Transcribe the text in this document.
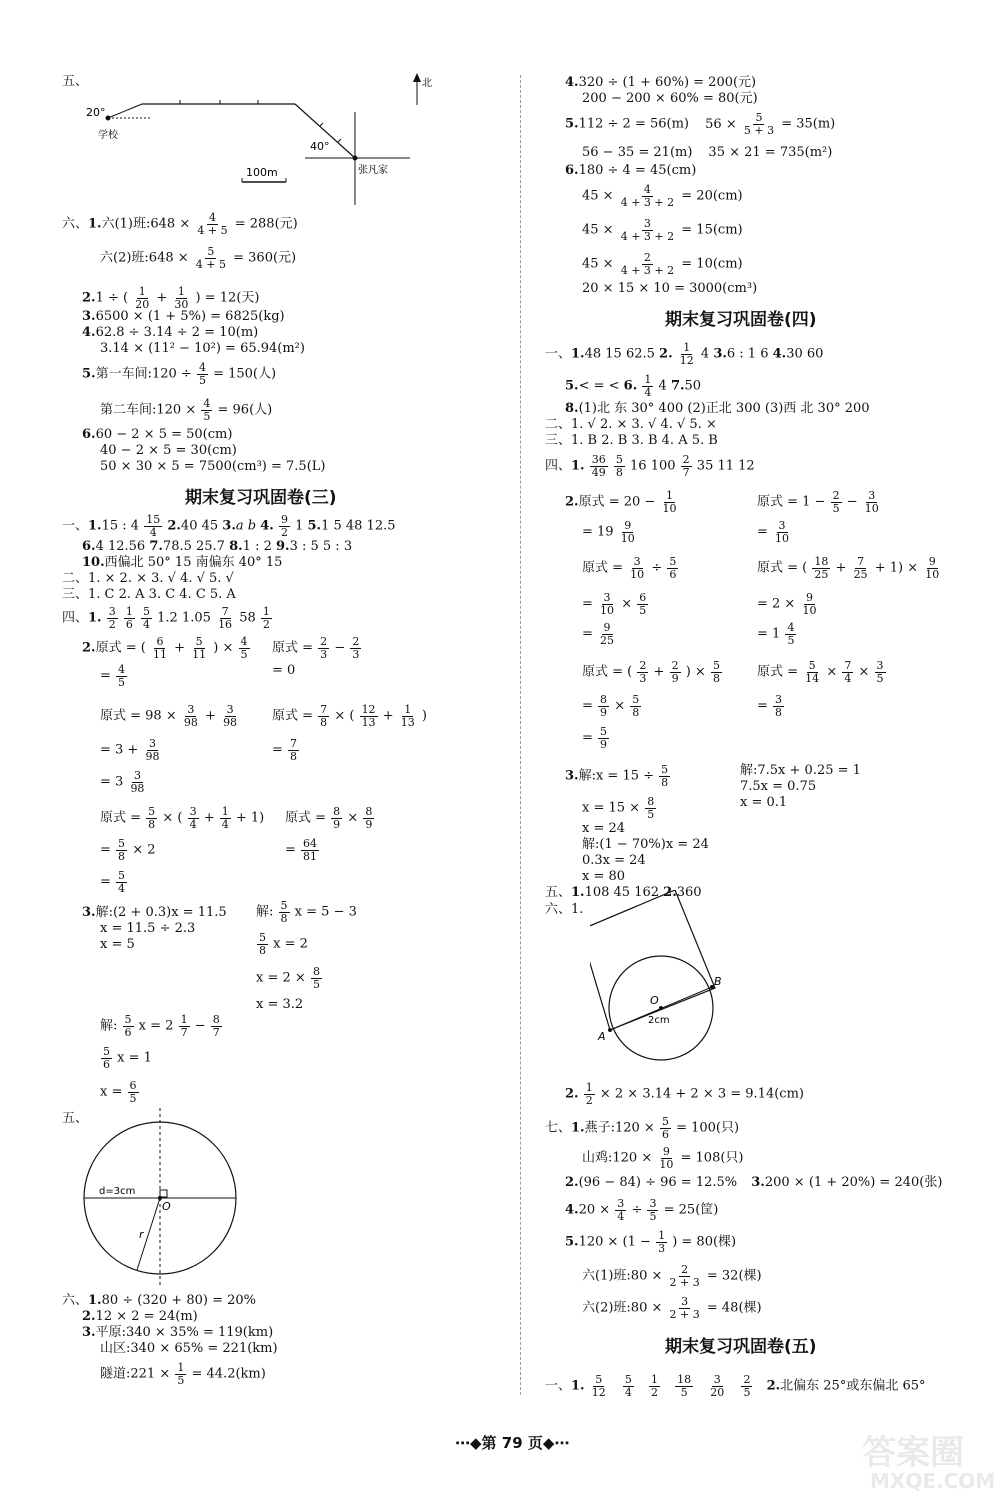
五、
20°
学校
40°
张凡家
北
100m
六、1.六(1)班:648 × $\frac{4}{4 + 5} = 288$(元)
六(2)班:648 × $\frac{5}{4 + 5} = 360$(元)
2.1 ÷ ( $\frac{1}{20} + \frac{1}{30}$ ) = 12(天)
3.6500 × (1 + 5%) = 6825(kg)
4.62.8 ÷ 3.14 ÷ 2 = 10(m)
3.14 × (11² − 10²) = 65.94(m²)
5.第一车间:120 ÷ $\frac{4}{5} = 150$(人)
第二车间:120 × $\frac{4}{5} = 96$(人)
6.60 − 2 × 5 = 50(cm)
40 − 2 × 5 = 30(cm)
50 × 30 × 5 = 7500(cm³) = 7.5(L)
期末复习巩固卷(三)
一、1.15 : $4 \frac{15}{4} 2.40$ 45 3.a b 4. $\frac{9}{2} 1$ 5.1 5 48 12.5
6.4 12.56 7.78.5 25.7 8.1 : 2 9.3 : 5 5 : 3
10.西偏北 50° 15 南偏东 40° 15
二、1. × 2. × 3. √ 4. √ 5. √
三、1. C 2. A 3. C 4. C 5. A
四、1. $\frac{3}{2}$
$\frac{1}{6}$
$\frac{5}{4} 1.2$ $1.05 \frac{7}{16} 58 \frac{1}{2}$
2.原式 = ( $\frac{6}{11} + \frac{5}{11}$ ) × $\frac{4}{5}$
= $\frac{4}{5}$
原式 = $\frac{2}{3} - \frac{2}{3}$
= 0
原式 = $98 \times \frac{3}{98} + \frac{3}{98}$
= $3 + \frac{3}{98}$
= $3 \frac{3}{98}$
原式 = $\frac{7}{8}$ × ( $\frac{12}{13} + \frac{1}{13}$ )
= $\frac{7}{8}$
原式 = $\frac{5}{8}$ × ( $\frac{3}{4} + \frac{1}{4} + 1$)
= $\frac{5}{8} \times 2$
= $\frac{5}{4}$
原式 = $\frac{8}{9} \times \frac{8}{9}$
= $\frac{64}{81}$
3.解:(2 + 0.3)x = 11.5
x = 11.5 ÷ 2.3
x = 5
解: $\frac{5}{8}$ x = 5 − 3
$\frac{5}{8}$ x = 2
$x = 2 \times \frac{8}{5}$
x = 3.2
解: $\frac{5}{6}$ $x = 2 \frac{1}{7} - \frac{8}{7}$
$\frac{5}{6}$ x = 1
$x = \frac{6}{5}$
五、
d=3cm
O
r
六、1.80 ÷ (320 + 80) = 20%
2.12 × 2 = 24(m)
3.平原:340 × 35% = 119(km)
山区:340 × 65% = 221(km)
隧道:221 × $\frac{1}{5} = 44.2(km)$
4.320 ÷ (1 + 60%) = 200(元)
200 − 200 × 60% = 80(元)
5.112 ÷ 2 = 56(m) $56 \times \frac{5}{5 + 3} = 35(m)$
56 − 35 = 21(m) 35 × 21 = 735(m²)
6.180 ÷ 4 = 45(cm)
$45 \times \frac{4}{4 + 3 + 2} = 20(cm)$
$45 \times \frac{3}{4 + 3 + 2} = 15(cm)$
$45 \times \frac{2}{4 + 3 + 2} = 10(cm)$
20 × 15 × 10 = 3000(cm³)
期末复习巩固卷(四)
一、1.48 15 62.5 2. $\frac{1}{12} 4$ 3.6 : 1 6 4.30 60
5.< = < 6. $\frac{1}{4} 4$ 7.50
8.(1)北 东 30° 400 (2)正北 300 (3)西 北 30° 200
二、1. √ 2. × 3. √ 4. √ 5. ×
三、1. B 2. B 3. B 4. A 5. B
四、1. $\frac{36}{49}$
$\frac{5}{8} 16$ $100 \frac{2}{7} 35$ 11 12
2.原式 = $20 - \frac{1}{10}$
= $19 \frac{9}{10}$
原式 = $1 - \frac{2}{5} - \frac{3}{10}$
= $\frac{3}{10}$
原式 = $\frac{3}{10} \div \frac{5}{6}$
= $\frac{3}{10} \times \frac{6}{5}$
= $\frac{9}{25}$
原式 = ( $\frac{18}{25} + \frac{7}{25} + 1) \times \frac{9}{10}$
= $2 \times \frac{9}{10}$
= $1 \frac{4}{5}$
原式 = ( $\frac{2}{3} + \frac{2}{9}$ ) × $\frac{5}{8}$
= $\frac{8}{9} \times \frac{5}{8}$
= $\frac{5}{9}$
原式 = $\frac{5}{14} \times \frac{7}{4} \times \frac{3}{5}$
= $\frac{3}{8}$
3.解:x = $15 \div \frac{5}{8}$
$x = 15 \times \frac{8}{5}$
x = 24
解:7.5x + 0.25 = 1
7.5x = 0.75
x = 0.1
解:(1 − 70%)x = 24
0.3x = 24
x = 80
五、1.108 45 162 2.360
六、1.
O
A
B
2cm
2. $\frac{1}{2} \times 2 \times 3.14 + 2 \times 3 = 9.14(cm)$
七、1.燕子:120 × $\frac{5}{6} = 100$(只)
山鸡:120 × $\frac{9}{10} = 108$(只)
2.(96 − 84) ÷ 96 = 12.5% 3.200 × (1 + 20%) = 240(张)
$4.20 \times \frac{3}{4} \div \frac{3}{5} = 25$(筐)
$5.120 \times (1 - \frac{1}{3}$ ) = 80(棵)
六(1)班:80 × $\frac{2}{2 + 3} = 32$(棵)
六(2)班:80 × $\frac{3}{2 + 3} = 48$(棵)
期末复习巩固卷(五)
一、1. $\frac{5}{12}$
$\frac{5}{4}$
$\frac{1}{2}$
$\frac{18}{5}$
$\frac{3}{20}$
$\frac{2}{5} 2$.北偏东 25°或东偏北 65°
⋯◆第 79 页◆⋯	答案圈
MXQE.COM
